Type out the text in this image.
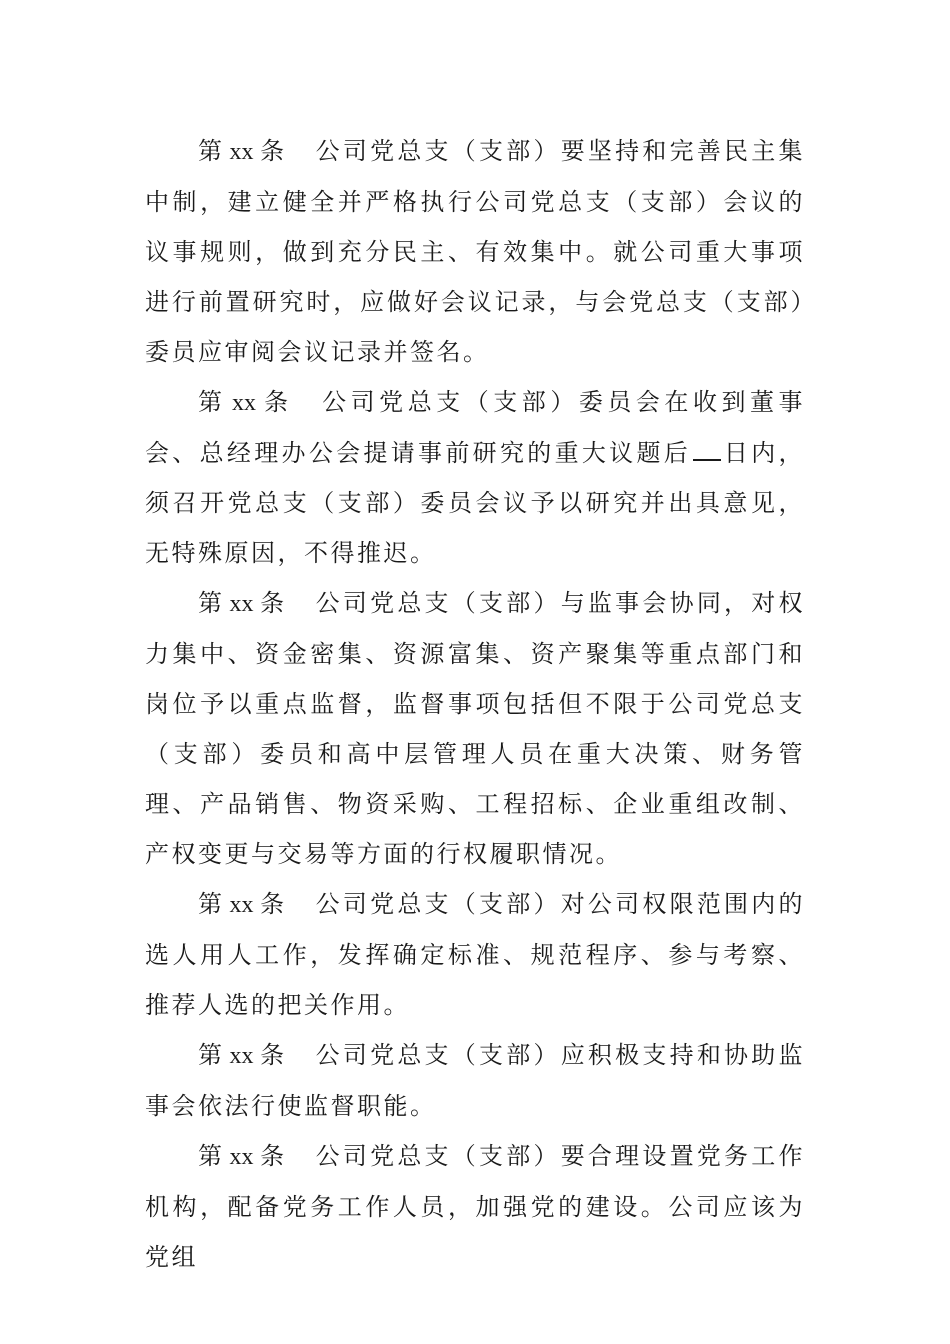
第 xx 条 公司党总支（支部）要坚持和完善民主集中制，建立健全并严格执行公司党总支（支部）会议的议事规则，做到充分民主、有效集中。就公司重大事项进行前置研究时，应做好会议记录，与会党总支（支部）委员应审阅会议记录并签名。

第 xx 条 公司党总支（支部）委员会在收到董事会、总经理办公会提请事前研究的重大议题后 日内，须召开党总支（支部）委员会议予以研究并出具意见，无特殊原因，不得推迟。

第 xx 条 公司党总支（支部）与监事会协同，对权力集中、资金密集、资源富集、资产聚集等重点部门和岗位予以重点监督，监督事项包括但不限于公司党总支（支部）委员和高中层管理人员在重大决策、财务管理、产品销售、物资采购、工程招标、企业重组改制、产权变更与交易等方面的行权履职情况。

第 xx 条 公司党总支（支部）对公司权限范围内的选人用人工作，发挥确定标准、规范程序、参与考察、推荐人选的把关作用。

第 xx 条 公司党总支（支部）应积极支持和协助监事会依法行使监督职能。

第 xx 条 公司党总支（支部）要合理设置党务工作机构，配备党务工作人员，加强党的建设。公司应该为党组
